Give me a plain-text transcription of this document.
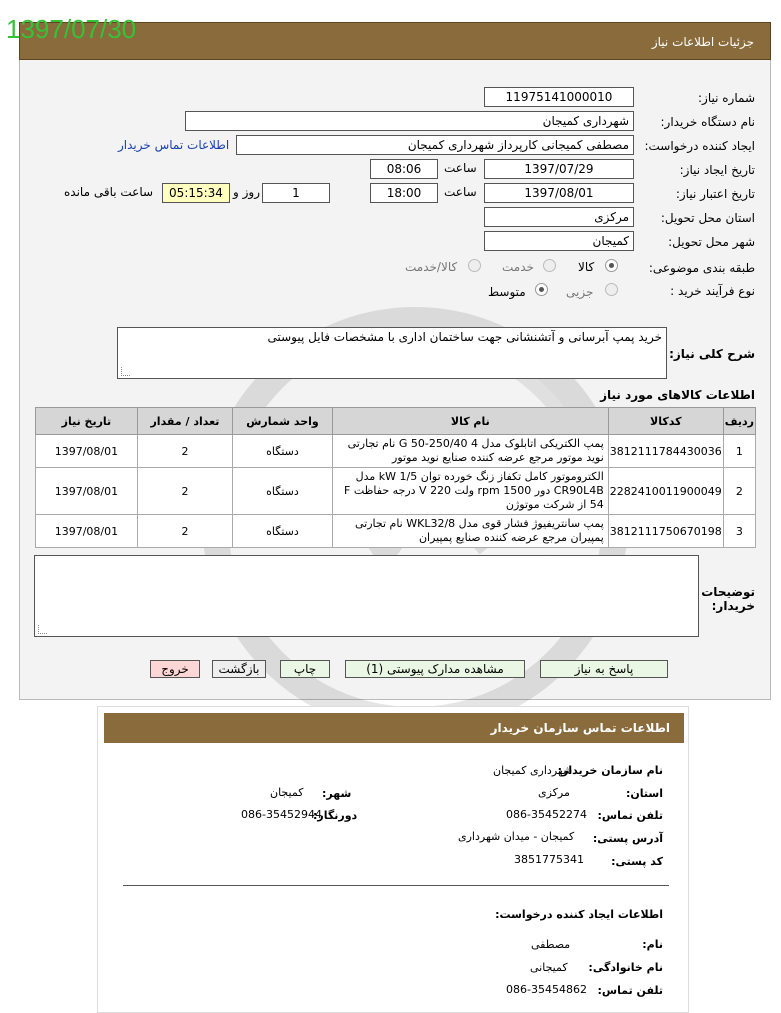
جزئیات اطلاعات نیاز
1397/07/30
شماره نیاز:
11975141000010
نام دستگاه خریدار:
شهرداری کمیجان
ایجاد کننده درخواست:
مصطفی کمیجانی کارپرداز شهرداری کمیجان
اطلاعات تماس خریدار
تاریخ ایجاد نیاز:
1397/07/29
ساعت
08:06
تاریخ اعتبار نیاز:
1397/08/01
ساعت
18:00
1
روز و
05:15:34
ساعت باقی مانده
استان محل تحویل:
مرکزی
شهر محل تحویل:
کمیجان
طبقه بندی موضوعی:
کالا
خدمت
کالا/خدمت
نوع فرآیند خرید :
جزیی
متوسط
شرح کلی نیاز:
خرید پمپ آبرسانی و آتشنشانی جهت ساختمان اداری با مشخصات فایل پیوستی
اطلاعات کالاهای مورد نیاز
تاریخ نیاز	تعداد / مقدار	واحد شمارش	نام کالا	کدکالا	ردیف
1397/08/01	2	دستگاه	پمپ الکتریکی اتابلوک مدل G 50-250/40 4 نام تجارتی نوید موتور مرجع عرضه کننده صنایع نوید موتور	3812111784430036	1
1397/08/01	2	دستگاه	الکتروموتور کامل تکفاز زنگ خورده توان kW 1/5 مدل CR90L4B دور 1500 rpm ولت 220 V درجه حفاظت F 54 از شرکت موتوژن	2282410011900049	2
1397/08/01	2	دستگاه	پمپ سانتریفیوژ فشار قوی مدل WKL32/8 نام تجارتی پمپیران مرجع عرضه کننده صنایع پمپیران	3812111750670198	3
توضیحات خریدار:
پاسخ به نیاز
مشاهده مدارک پیوستی (1)
چاپ
بازگشت
خروج
اطلاعات تماس سازمان خریدار
نام سازمان خریدار:
شهرداری کمیجان
استان:
مرکزی
شهر:
کمیجان
تلفن تماس:
086-35452274
دورنگار:
086-35452944
آدرس پستی:
کمیجان - میدان شهرداری
کد پستی:
3851775341
اطلاعات ایجاد کننده درخواست:
نام:
مصطفی
نام خانوادگی:
کمیجانی
تلفن تماس:
086-35454862
